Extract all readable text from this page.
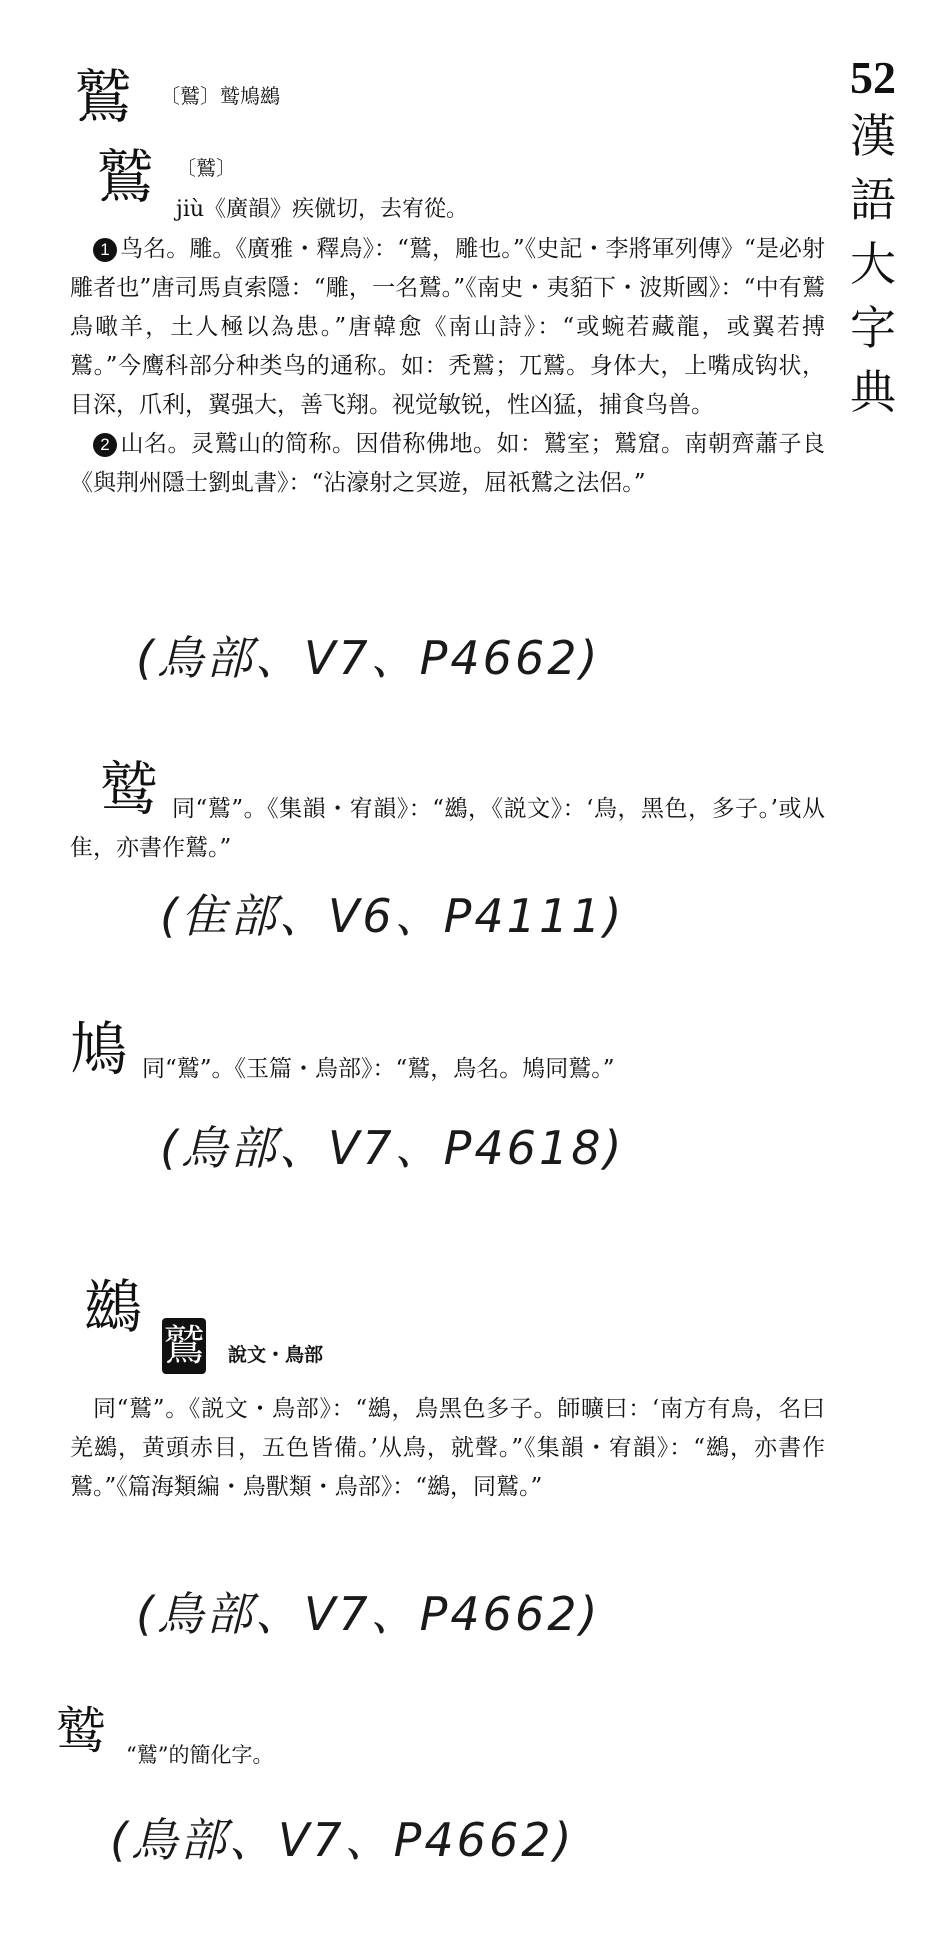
52
漢
語
大
字
典
鷲 〔鷲〕鹫鳩鷀
鷲 〔鷲〕
jiù《廣韻》疾僦切，去宥從。
1 鸟名。雕。《廣雅・釋鳥》：“鷲，雕也。”《史記・李將軍列傳》“是必射雕者也”唐司馬貞索隱：“雕，一名鷲。”《南史・夷貊下・波斯國》：“中有鷲鳥噉羊，土人極以為患。”唐韓愈《南山詩》：“或蜿若藏龍，或翼若搏鷲。”今鹰科部分种类鸟的通称。如：秃鷲；兀鷲。身体大，上嘴成钩状，目深，爪利，翼强大，善飞翔。视觉敏锐，性凶猛，捕食鸟兽。
2 山名。灵鷲山的简称。因借称佛地。如：鷲室；鷲窟。南朝齊蕭子良《與荆州隱士劉虬書》：“沾濠射之冥遊，屈祇鷲之法侶。”
(鳥部、V7、P4662)
鹫 同“鷲”。《集韻・宥韻》：“鷀，《説文》：‘鳥，黑色，多子。’或从隹，亦書作鷲。”
(隹部、V6、P4111)
鳩 同“鷲”。《玉篇・鳥部》：“鷲，鳥名。鳩同鷲。”
(鳥部、V7、P4618)
鷀
鷲 說文・鳥部
同“鷲”。《説文・鳥部》：“鷀，鳥黑色多子。師曠曰：‘南方有鳥，名曰羌鷀，黄頭赤目，五色皆備。’从鳥，就聲。”《集韻・宥韻》：“鷀，亦書作鷲。”《篇海類編・鳥獸類・鳥部》：“鷀，同鷲。”
(鳥部、V7、P4662)
鹫 “鷲”的簡化字。
(鳥部、V7、P4662)
